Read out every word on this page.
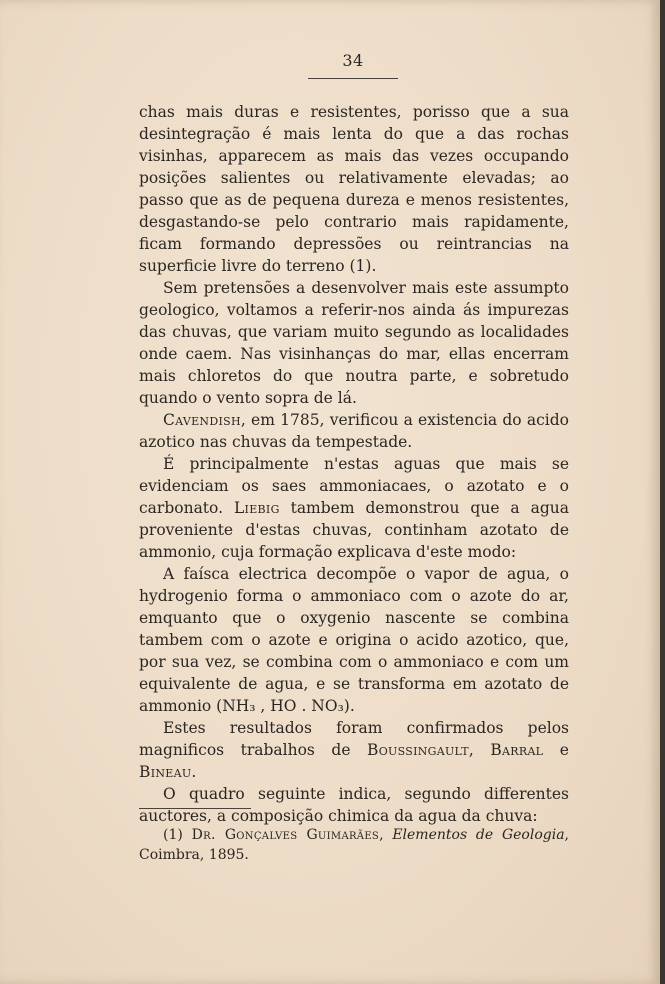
34

chas mais duras e resistentes, porisso que a sua desintegração é mais lenta do que a das rochas visinhas, apparecem as mais das vezes occupando posições salientes ou relativamente elevadas; ao passo que as de pequena dureza e menos resistentes, desgastando-se pelo contrario mais rapidamente, ficam formando depressões ou reintrancias na superficie livre do terreno (1).

Sem pretensões a desenvolver mais este assumpto geologico, voltamos a referir-nos ainda ás impurezas das chuvas, que variam muito segundo as localidades onde caem. Nas visinhanças do mar, ellas encerram mais chloretos do que noutra parte, e sobretudo quando o vento sopra de lá.

Cavendish, em 1785, verificou a existencia do acido azotico nas chuvas da tempestade.

É principalmente n'estas aguas que mais se evidenciam os saes ammoniacaes, o azotato e o carbonato. Liebig tambem demonstrou que a agua proveniente d'estas chuvas, continham azotato de ammonio, cuja formação explicava d'este modo:

A faísca electrica decompõe o vapor de agua, o hydrogenio forma o ammoniaco com o azote do ar, emquanto que o oxygenio nascente se combina tambem com o azote e origina o acido azotico, que, por sua vez, se combina com o ammoniaco e com um equivalente de agua, e se transforma em azotato de ammonio (NH₃ , HO . NO₃).

Estes resultados foram confirmados pelos magnificos trabalhos de Boussingault, Barral e Bineau.

O quadro seguinte indica, segundo differentes auctores, a composição chimica da agua da chuva:

(1) Dr. Gonçalves Guimarães, Elementos de Geologia, Coimbra, 1895.
